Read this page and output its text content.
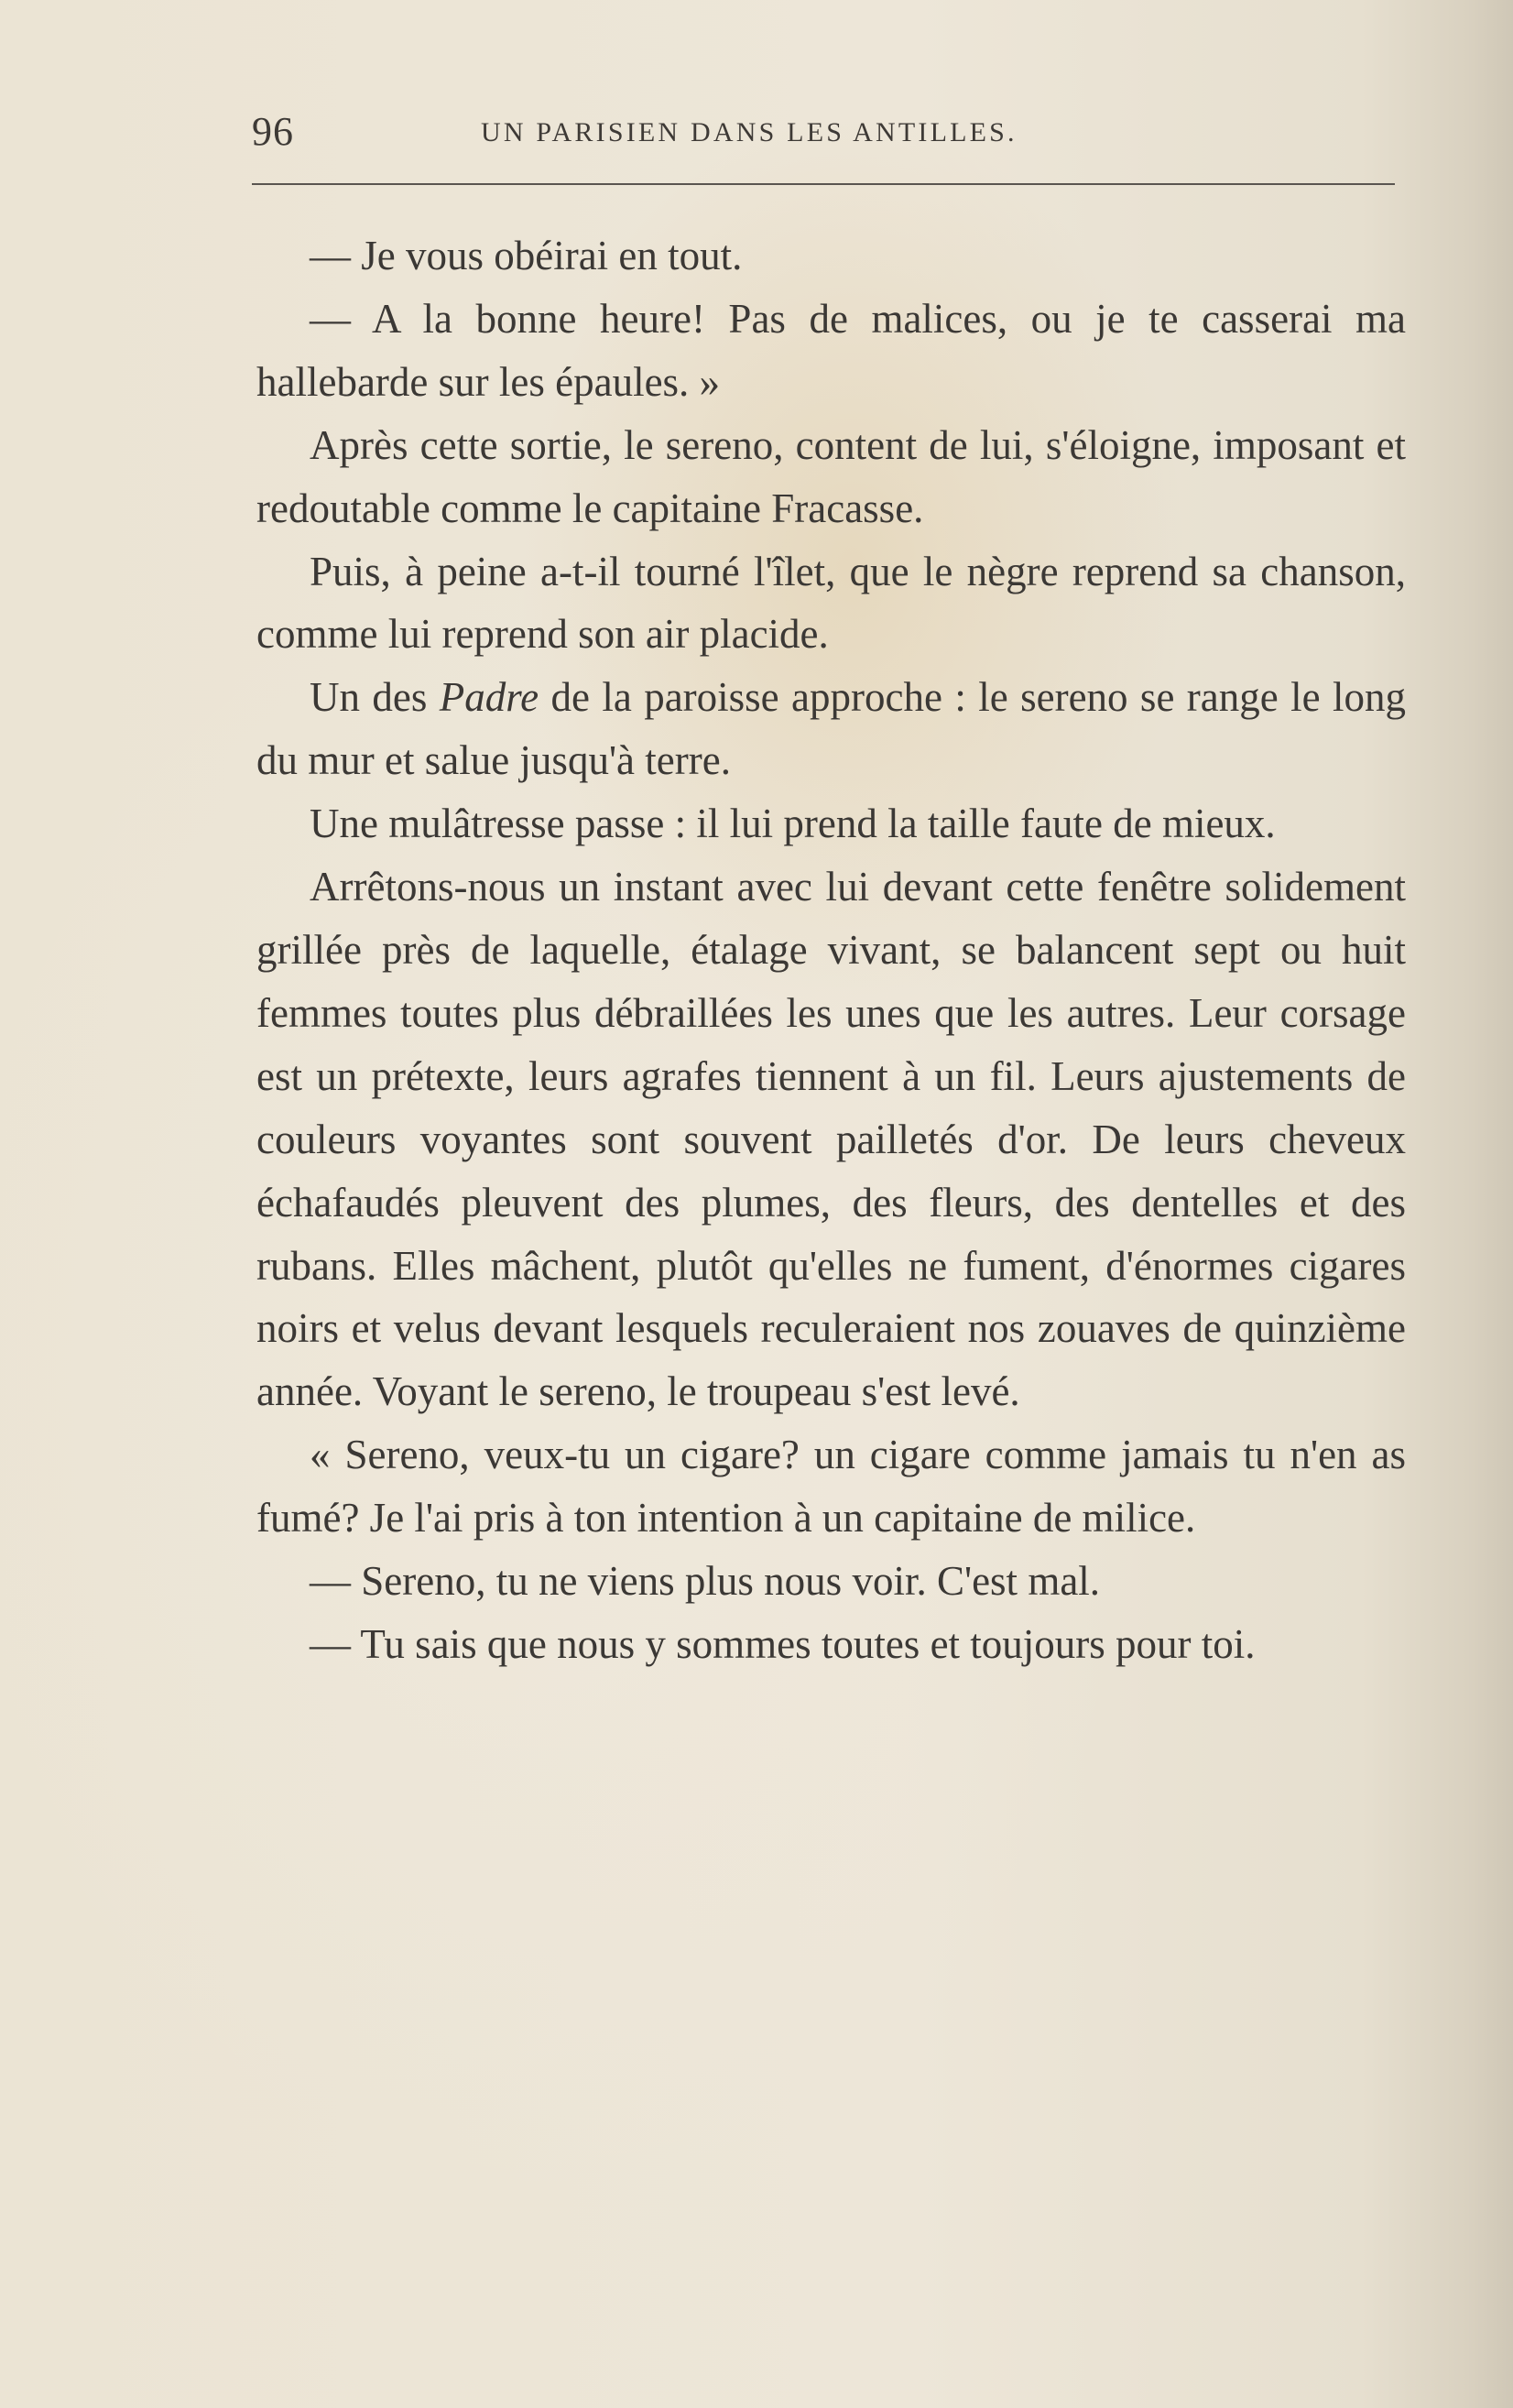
96	UN PARISIEN DANS LES ANTILLES.

— Je vous obéirai en tout.

— A la bonne heure! Pas de malices, ou je te casserai ma hallebarde sur les épaules. »

Après cette sortie, le sereno, content de lui, s'éloigne, imposant et redoutable comme le capitaine Fracasse.

Puis, à peine a-t-il tourné l'îlet, que le nègre reprend sa chanson, comme lui reprend son air placide.

Un des Padre de la paroisse approche : le sereno se range le long du mur et salue jusqu'à terre.

Une mulâtresse passe : il lui prend la taille faute de mieux.

Arrêtons-nous un instant avec lui devant cette fenêtre solidement grillée près de laquelle, étalage vivant, se balancent sept ou huit femmes toutes plus débraillées les unes que les autres. Leur corsage est un prétexte, leurs agrafes tiennent à un fil. Leurs ajustements de couleurs voyantes sont souvent pailletés d'or. De leurs cheveux échafaudés pleuvent des plumes, des fleurs, des dentelles et des rubans. Elles mâchent, plutôt qu'elles ne fument, d'énormes cigares noirs et velus devant lesquels reculeraient nos zouaves de quinzième année. Voyant le sereno, le troupeau s'est levé.

« Sereno, veux-tu un cigare? un cigare comme jamais tu n'en as fumé? Je l'ai pris à ton intention à un capitaine de milice.

— Sereno, tu ne viens plus nous voir. C'est mal.

— Tu sais que nous y sommes toutes et toujours pour toi.
